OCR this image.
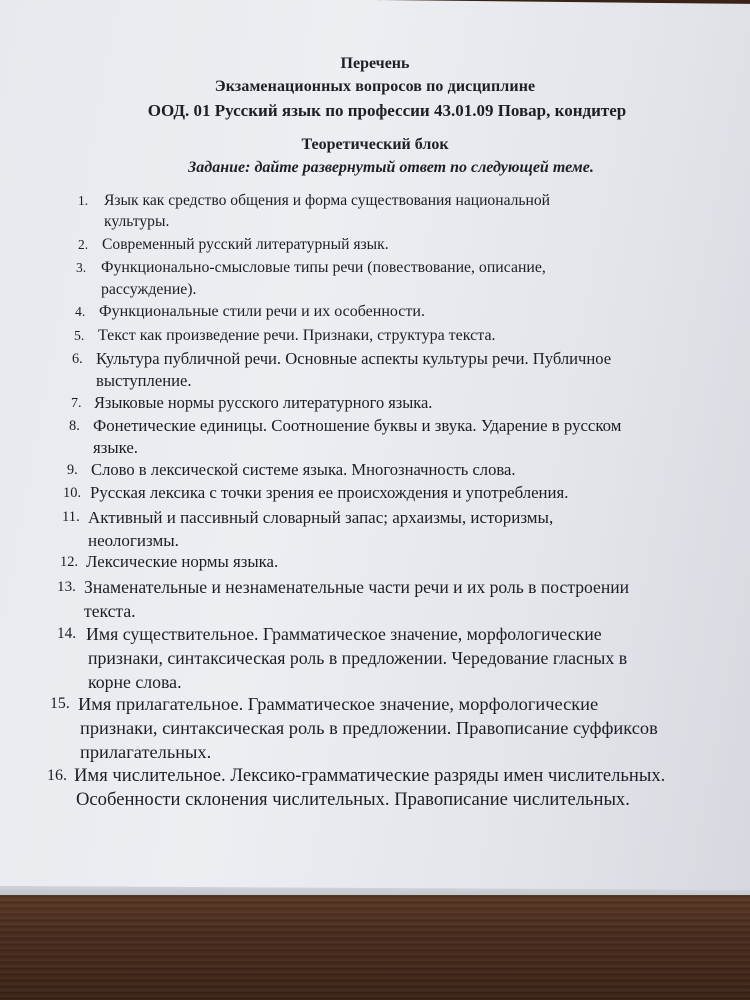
Перечень
Экзаменационных вопросов по дисциплине
ООД. 01 Русский язык по профессии 43.01.09 Повар, кондитер
Теоретический блок
Задание: дайте развернутый ответ по следующей теме.
1. Язык как средство общения и форма существования национальной
культуры.
2. Современный русский литературный язык.
3. Функционально-смысловые типы речи (повествование, описание,
рассуждение).
4. Функциональные стили речи и их особенности.
5. Текст как произведение речи. Признаки, структура текста.
6. Культура публичной речи. Основные аспекты культуры речи. Публичное
выступление.
7. Языковые нормы русского литературного языка.
8. Фонетические единицы. Соотношение буквы и звука. Ударение в русском
языке.
9. Слово в лексической системе языка. Многозначность слова.
10. Русская лексика с точки зрения ее происхождения и употребления.
11. Активный и пассивный словарный запас; архаизмы, историзмы,
неологизмы.
12. Лексические нормы языка.
13. Знаменательные и незнаменательные части речи и их роль в построении
текста.
14. Имя существительное. Грамматическое значение, морфологические
признаки, синтаксическая роль в предложении. Чередование гласных в
корне слова.
15. Имя прилагательное. Грамматическое значение, морфологические
признаки, синтаксическая роль в предложении. Правописание суффиксов
прилагательных.
16. Имя числительное. Лексико-грамматические разряды имен числительных.
Особенности склонения числительных. Правописание числительных.
